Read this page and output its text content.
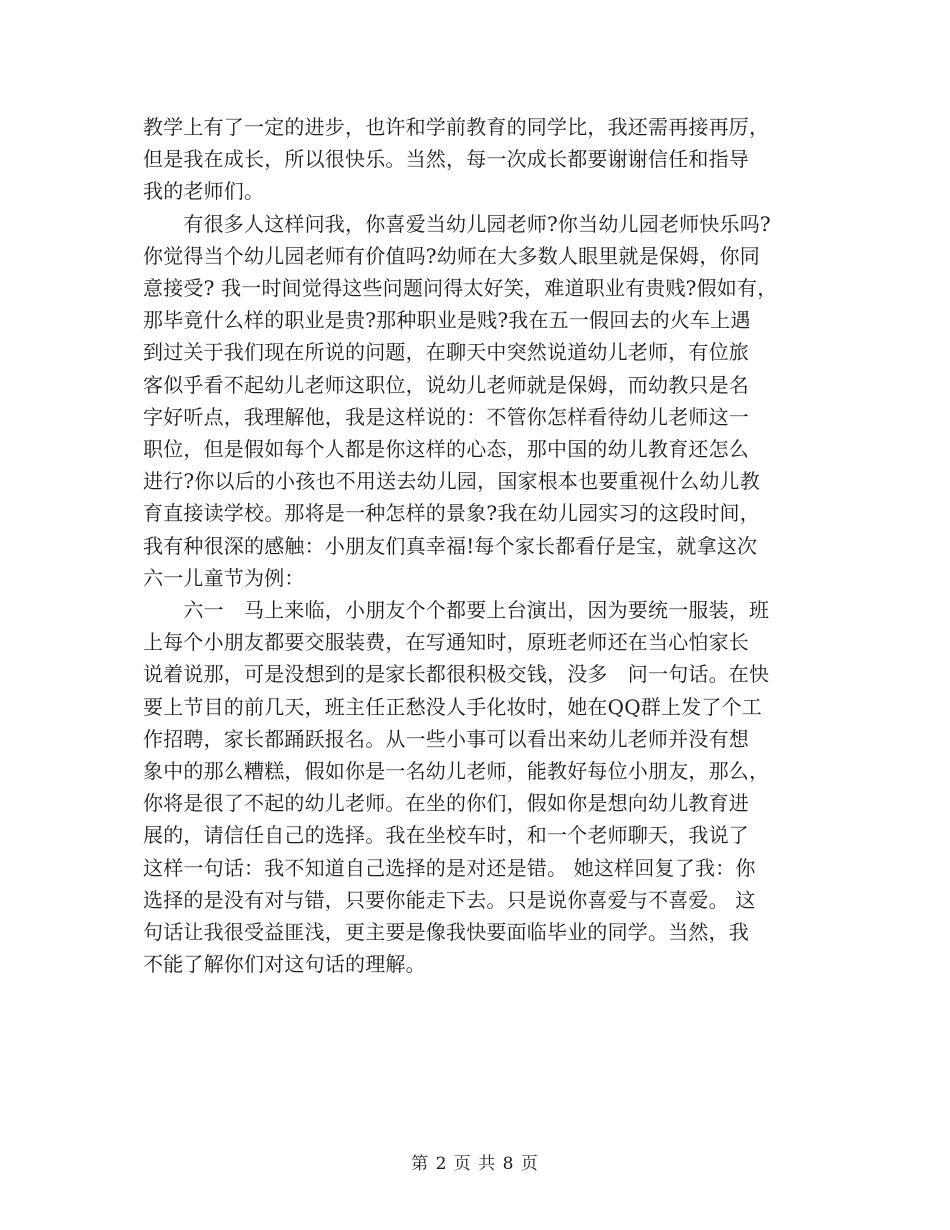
教学上有了一定的进步，也许和学前教育的同学比，我还需再接再厉，
但是我在成长，所以很快乐。当然，每一次成长都要谢谢信任和指导
我的老师们。
　　有很多人这样问我，你喜爱当幼儿园老师?你当幼儿园老师快乐吗?
你觉得当个幼儿园老师有价值吗?幼师在大多数人眼里就是保姆，你同
意接受? 我一时间觉得这些问题问得太好笑，难道职业有贵贱?假如有，
那毕竟什么样的职业是贵?那种职业是贱?我在五一假回去的火车上遇
到过关于我们现在所说的问题，在聊天中突然说道幼儿老师，有位旅
客似乎看不起幼儿老师这职位，说幼儿老师就是保姆，而幼教只是名
字好听点，我理解他，我是这样说的：不管你怎样看待幼儿老师这一
职位，但是假如每个人都是你这样的心态，那中国的幼儿教育还怎么
进行?你以后的小孩也不用送去幼儿园，国家根本也要重视什么幼儿教
育直接读学校。那将是一种怎样的景象?我在幼儿园实习的这段时间，
我有种很深的感触：小朋友们真幸福!每个家长都看仔是宝，就拿这次
六一儿童节为例：
　　六一　马上来临，小朋友个个都要上台演出，因为要统一服装，班
上每个小朋友都要交服装费，在写通知时，原班老师还在当心怕家长
说着说那，可是没想到的是家长都很积极交钱，没多　问一句话。在快
要上节目的前几天，班主任正愁没人手化妆时，她在QQ群上发了个工
作招聘，家长都踊跃报名。从一些小事可以看出来幼儿老师并没有想
象中的那么糟糕，假如你是一名幼儿老师，能教好每位小朋友，那么，
你将是很了不起的幼儿老师。在坐的你们，假如你是想向幼儿教育进
展的，请信任自己的选择。我在坐校车时，和一个老师聊天，我说了
这样一句话：我不知道自己选择的是对还是错。 她这样回复了我：你
选择的是没有对与错，只要你能走下去。只是说你喜爱与不喜爱。 这
句话让我很受益匪浅，更主要是像我快要面临毕业的同学。当然，我
不能了解你们对这句话的理解。
第 2 页 共 8 页
